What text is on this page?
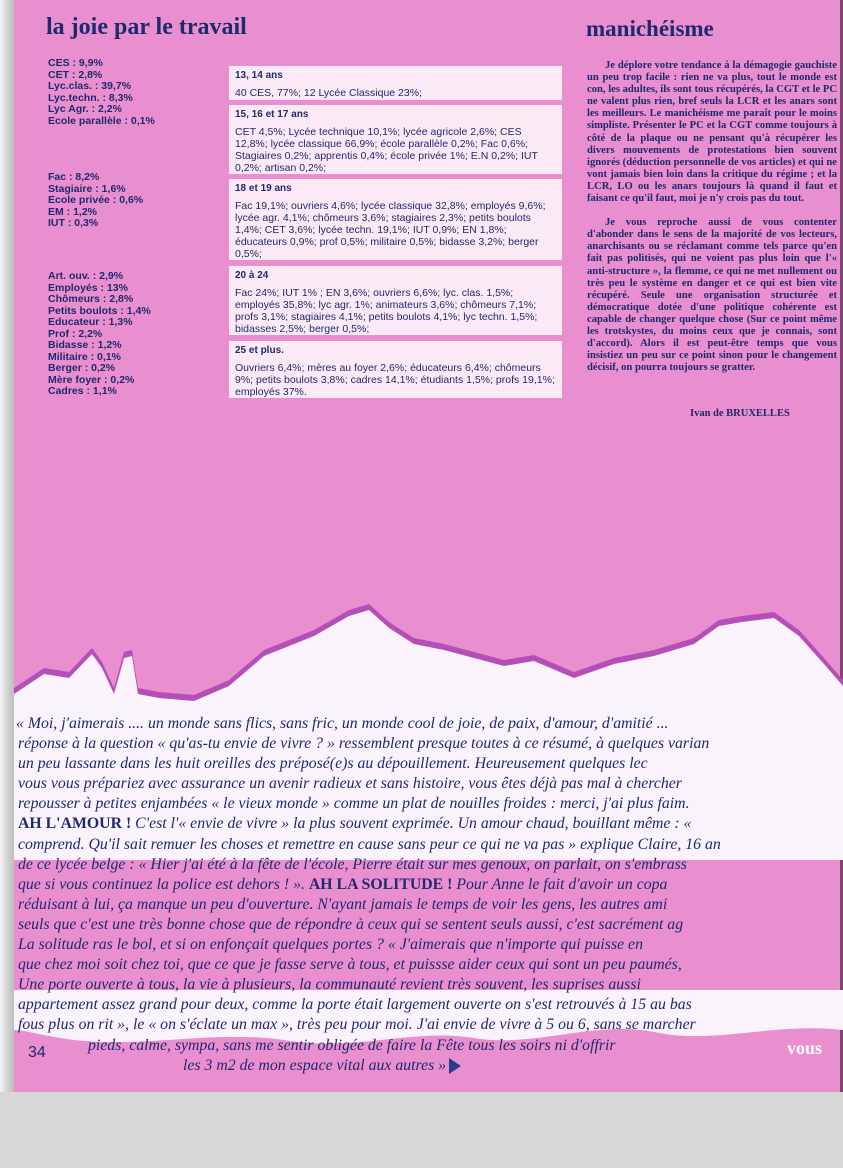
la joie par le travail	manichéisme
CES : 9,9%
CET : 2,8%
Lyc.clas. : 39,7%
Lyc.techn. : 8,3%
Lyc Agr. : 2,2%
Ecole parallèle : 0,1%
Fac : 8,2%
Stagiaire : 1,6%
Ecole privée : 0,6%
EM : 1,2%
IUT : 0,3%
Art. ouv. : 2,9%
Employés : 13%
Chômeurs : 2,8%
Petits boulots : 1,4%
Educateur : 1,3%
Prof : 2,2%
Bidasse : 1,2%
Militaire : 0,1%
Berger : 0,2%
Mère foyer : 0,2%
Cadres : 1,1%
13, 14 ans
40 CES, 77%; 12 Lycée Classique 23%;
15, 16 et 17 ans
CET 4,5%; Lycée technique 10,1%; lycée agricole 2,6%; CES 12,8%; lycée classique 66,9%; école parallèle 0,2%; Fac 0,6%; Stagiaires 0,2%; apprentis 0,4%; école privée 1%; E.N 0,2%; IUT 0,2%; artisan 0,2%;
18 et 19 ans
Fac 19,1%; ouvriers 4,6%; lycée classique 32,8%; employés 9,6%; lycée agr. 4,1%; chômeurs 3,6%; stagiaires 2,3%; petits boulots 1,4%; CET 3,6%; lycée techn. 19,1%; IUT 0,9%; EN 1,8%; éducateurs 0,9%; prof 0,5%; militaire 0,5%; bidasse 3,2%; berger 0,5%;
20 à 24
Fac 24%; IUT 1% ; EN 3,6%; ouvriers 6,6%; lyc. clas. 1,5%; employés 35,8%; lyc agr. 1%; animateurs 3,6%; chômeurs 7,1%; profs 3,1%; stagiaires 4,1%; petits boulots 4,1%; lyc techn. 1,5%; bidasses 2,5%; berger 0,5%;
25 et plus.
Ouvriers 6,4%; mères au foyer 2,6%; éducateurs 6,4%; chômeurs 9%; petits boulots 3,8%; cadres 14,1%; étudiants 1,5%; profs 19,1%; employés 37%.

Je déplore votre tendance à la démagogie gauchiste un peu trop facile : rien ne va plus, tout le monde est con, les adultes, ils sont tous récupérés, la CGT et le PC ne valent plus rien, bref seuls la LCR et les anars sont les meilleurs. Le manichéisme me paraît pour le moins simpliste. Présenter le PC et la CGT comme toujours à côté de la plaque ou ne pensant qu'à récupérer les divers mouvements de protestations bien souvent ignorés (déduction personnelle de vos articles) et qui ne vont jamais bien loin dans la critique du régime ; et la LCR, LO ou les anars toujours là quand il faut et faisant ce qu'il faut, moi je n'y crois pas du tout.

Je vous reproche aussi de vous contenter d'abonder dans le sens de la majorité de vos lecteurs, anarchisants ou se réclamant comme tels parce qu'en fait pas politisés, qui ne voient pas plus loin que l'« anti-structure », la flemme, ce qui ne met nullement ou très peu le système en danger et ce qui est bien vite récupéré. Seule une organisation structurée et démocratique dotée d'une politique cohérente est capable de changer quelque chose (Sur ce point même les trotskystes, du moins ceux que je connais, sont d'accord). Alors il est peut-être temps que vous insistiez un peu sur ce point sinon pour le changement décisif, on pourra toujours se gratter.

Ivan de BRUXELLES
« Moi, j'aimerais .... un monde sans flics, sans fric, un monde cool de joie, de paix, d'amour, d'amitié ...
réponse à la question « qu'as-tu envie de vivre ? » ressemblent presque toutes à ce résumé, à quelques varian
un peu lassante dans les huit oreilles des préposé(e)s au dépouillement. Heureusement quelques lec
vous vous prépariez avec assurance un avenir radieux et sans histoire, vous êtes déjà pas mal à chercher
repousser à petites enjambées « le vieux monde » comme un plat de nouilles froides : merci, j'ai plus faim.
AH L'AMOUR ! C'est l'« envie de vivre » la plus souvent exprimée. Un amour chaud, bouillant même : «
comprend. Qu'il sait remuer les choses et remettre en cause sans peur ce qui ne va pas » explique Claire, 16 an
de ce lycée belge : « Hier j'ai été à la fête de l'école, Pierre était sur mes genoux, on parlait, on s'embrass
que si vous continuez la police est dehors ! ». AH LA SOLITUDE ! Pour Anne le fait d'avoir un copa
réduisant à lui, ça manque un peu d'ouverture. N'ayant jamais le temps de voir les gens, les autres ami
seuls que c'est une très bonne chose que de répondre à ceux qui se sentent seuls aussi, c'est sacrément ag
La solitude ras le bol, et si on enfonçait quelques portes ? « J'aimerais que n'importe qui puisse en
que chez moi soit chez toi, que ce que je fasse serve à tous, et puissse aider ceux qui sont un peu paumés,
Une porte ouverte à tous, la vie à plusieurs, la communauté revient très souvent, les suprises aussi
appartement assez grand pour deux, comme la porte était largement ouverte on s'est retrouvés à 15 au bas
fous plus on rit », le « on s'éclate un max », très peu pour moi. J'ai envie de vivre à 5 ou 6, sans se marcher
pieds, calme, sympa, sans me sentir obligée de faire la Fête tous les soirs ni d'offrir
les 3 m2 de mon espace vital aux autres »
34	vous
